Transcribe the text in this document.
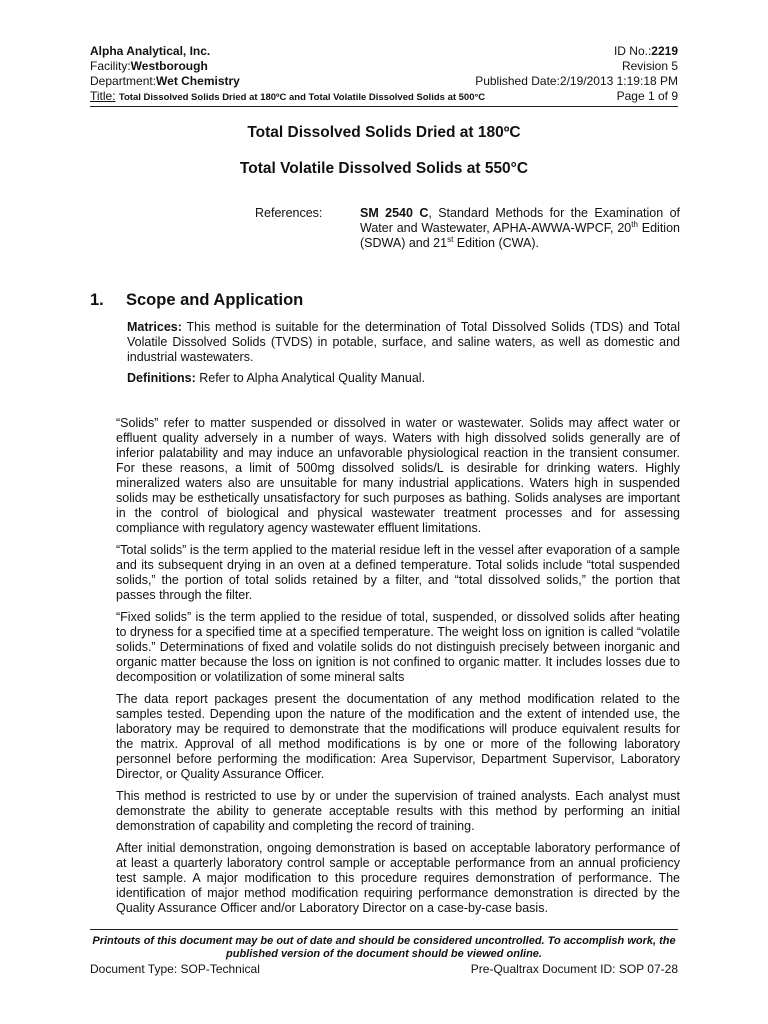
Alpha Analytical, Inc.	ID No.:2219
Facility:Westborough	Revision 5
Department:Wet Chemistry	Published Date:2/19/2013 1:19:18 PM
Title: Total Dissolved Solids Dried at 180ºC and Total Volatile Dissolved Solids at 500°C	Page 1 of 9
Total Dissolved Solids Dried at 180ºC
Total Volatile Dissolved Solids at 550°C
References:	SM 2540 C, Standard Methods for the Examination of Water and Wastewater, APHA-AWWA-WPCF, 20th Edition (SDWA) and 21st Edition (CWA).
1.	Scope and Application
Matrices: This method is suitable for the determination of Total Dissolved Solids (TDS) and Total Volatile Dissolved Solids (TVDS) in potable, surface, and saline waters, as well as domestic and industrial wastewaters.
Definitions: Refer to Alpha Analytical Quality Manual.
“Solids” refer to matter suspended or dissolved in water or wastewater. Solids may affect water or effluent quality adversely in a number of ways. Waters with high dissolved solids generally are of inferior palatability and may induce an unfavorable physiological reaction in the transient consumer. For these reasons, a limit of 500mg dissolved solids/L is desirable for drinking waters. Highly mineralized waters also are unsuitable for many industrial applications. Waters high in suspended solids may be esthetically unsatisfactory for such purposes as bathing. Solids analyses are important in the control of biological and physical wastewater treatment processes and for assessing compliance with regulatory agency wastewater effluent limitations.
“Total solids” is the term applied to the material residue left in the vessel after evaporation of a sample and its subsequent drying in an oven at a defined temperature. Total solids include “total suspended solids,” the portion of total solids retained by a filter, and “total dissolved solids,” the portion that passes through the filter.
“Fixed solids” is the term applied to the residue of total, suspended, or dissolved solids after heating to dryness for a specified time at a specified temperature. The weight loss on ignition is called “volatile solids.” Determinations of fixed and volatile solids do not distinguish precisely between inorganic and organic matter because the loss on ignition is not confined to organic matter. It includes losses due to decomposition or volatilization of some mineral salts
The data report packages present the documentation of any method modification related to the samples tested. Depending upon the nature of the modification and the extent of intended use, the laboratory may be required to demonstrate that the modifications will produce equivalent results for the matrix. Approval of all method modifications is by one or more of the following laboratory personnel before performing the modification: Area Supervisor, Department Supervisor, Laboratory Director, or Quality Assurance Officer.
This method is restricted to use by or under the supervision of trained analysts. Each analyst must demonstrate the ability to generate acceptable results with this method by performing an initial demonstration of capability and completing the record of training.
After initial demonstration, ongoing demonstration is based on acceptable laboratory performance of at least a quarterly laboratory control sample or acceptable performance from an annual proficiency test sample. A major modification to this procedure requires demonstration of performance. The identification of major method modification requiring performance demonstration is directed by the Quality Assurance Officer and/or Laboratory Director on a case-by-case basis.
Printouts of this document may be out of date and should be considered uncontrolled. To accomplish work, the published version of the document should be viewed online.
Document Type: SOP-Technical	Pre-Qualtrax Document ID: SOP 07-28
